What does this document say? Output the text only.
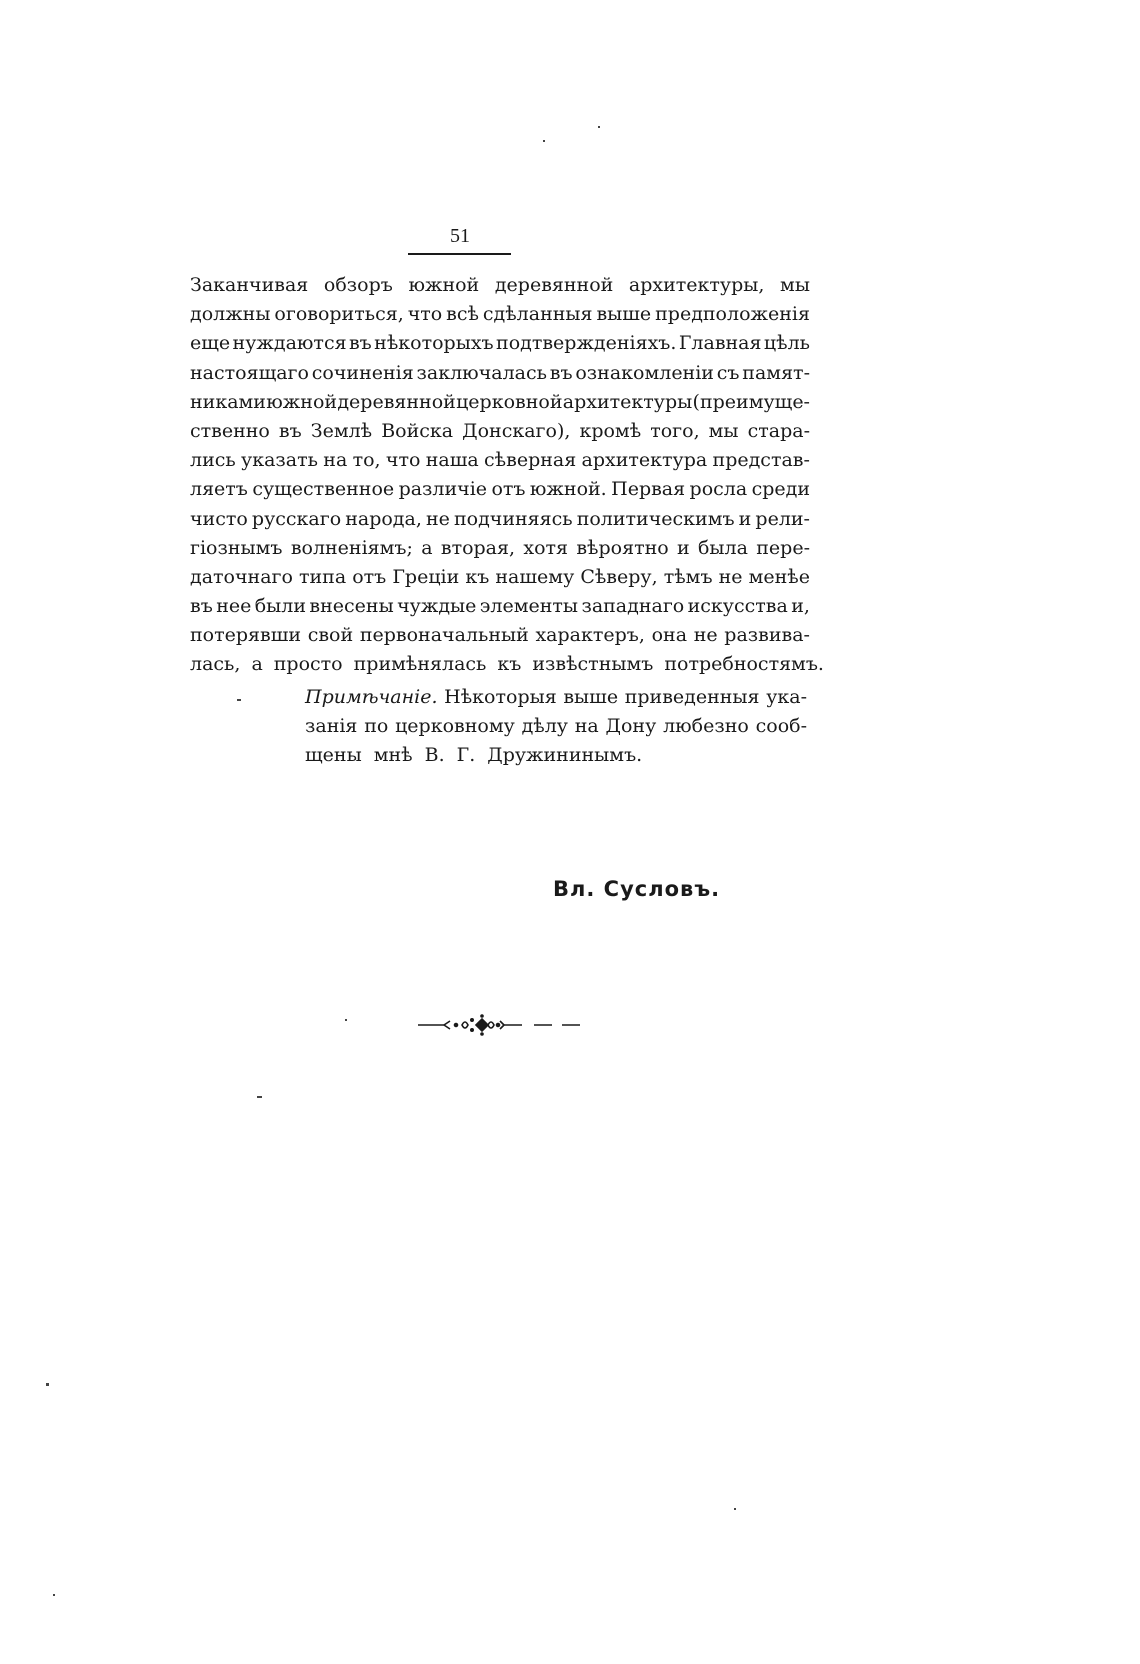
51
Заканчивая обзоръ южной деревянной архитектуры, мы
должны оговориться, что всѣ сдѣланныя выше предположенія
еще нуждаются въ нѣкоторыхъ подтвержденіяхъ. Главная цѣль
настоящаго сочиненія заключалась въ ознакомленіи съ памят-
никами южной деревянной церковной архитектуры (преимуще-
ственно въ Землѣ Войска Донскаго), кромѣ того, мы стара-
лись указать на то, что наша сѣверная архитектура представ-
ляетъ существенное различіе отъ южной. Первая росла среди
чисто русскаго народа, не подчиняясь политическимъ и рели-
гіознымъ волненіямъ; а вторая, хотя вѣроятно и была пере-
даточнаго типа отъ Греціи къ нашему Сѣверу, тѣмъ не менѣе
въ нее были внесены чуждые элементы западнаго искусства и,
потерявши свой первоначальный характеръ, она не развива-
лась, а просто примѣнялась къ извѣстнымъ потребностямъ.
Примѣчаніе. Нѣкоторыя выше приведенныя ука-
занія по церковному дѣлу на Дону любезно сооб-
щены мнѣ В. Г. Дружининымъ.
Вл. Сусловъ.
